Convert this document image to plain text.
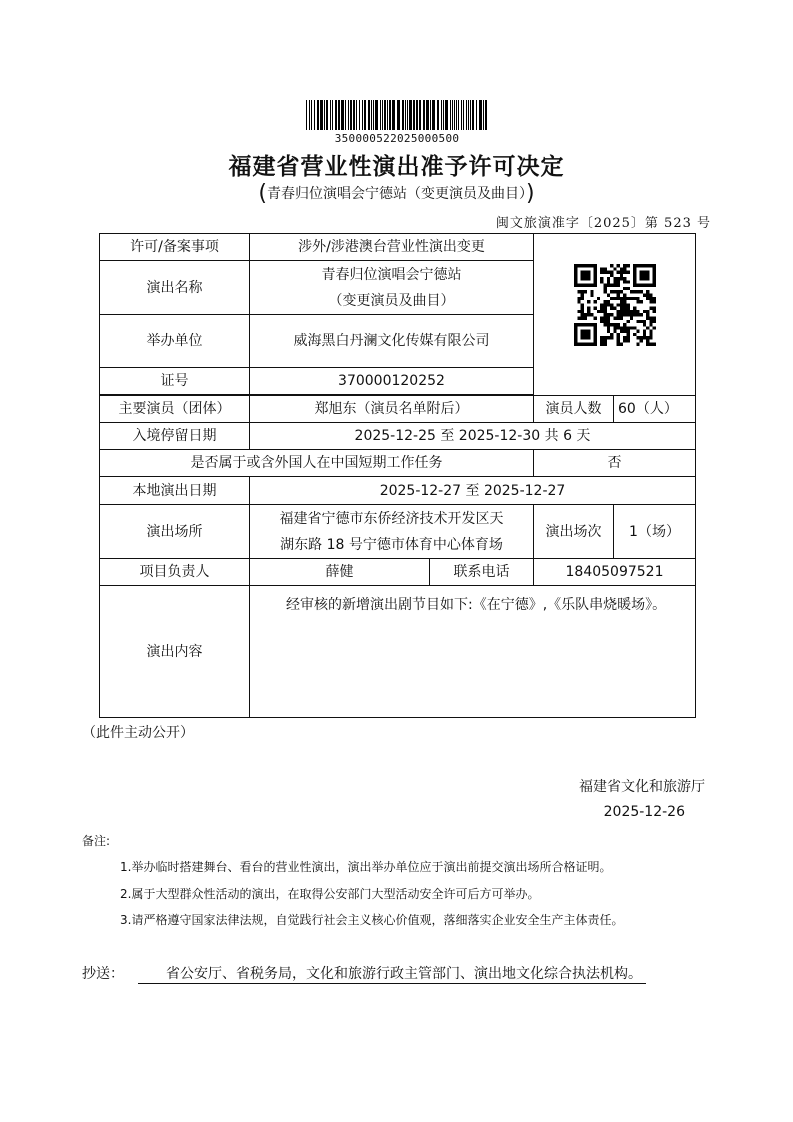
350000522025000500
福建省营业性演出准予许可决定
(青春归位演唱会宁德站（变更演员及曲目）)
闽文旅演准字〔2025〕第 523 号
许可/备案事项	涉外/涉港澳台营业性演出变更	
演出名称	青春归位演唱会宁德站
（变更演员及曲目）			

举办单位	威海黑白丹澜文化传媒有限公司			
证号	370000120252			

主要演员（团体）	郑旭东（演员名单附后）		演员人数	60（人）
入境停留日期	2025-12-25 至 2025-12-30 共 6 天			
是否属于或含外国人在中国短期工作任务			否	
本地演出日期	2025-12-27 至 2025-12-27			
演出场所	福建省宁德市东侨经济技术开发区天
湖东路 18 号宁德市体育中心体育场		演出场次	1（场）
项目负责人	薛健	联系电话	18405097521	
演出内容	经审核的新增演出剧节目如下:《在宁德》,《乐队串烧暖场》。			
（此件主动公开）
福建省文化和旅游厅
2025-12-26
备注:
1.举办临时搭建舞台、看台的营业性演出，演出举办单位应于演出前提交演出场所合格证明。
2.属于大型群众性活动的演出，在取得公安部门大型活动安全许可后方可举办。
3.请严格遵守国家法律法规，自觉践行社会主义核心价值观，落细落实企业安全生产主体责任。
抄送：	省公安厅、省税务局，文化和旅游行政主管部门、演出地文化综合执法机构。
